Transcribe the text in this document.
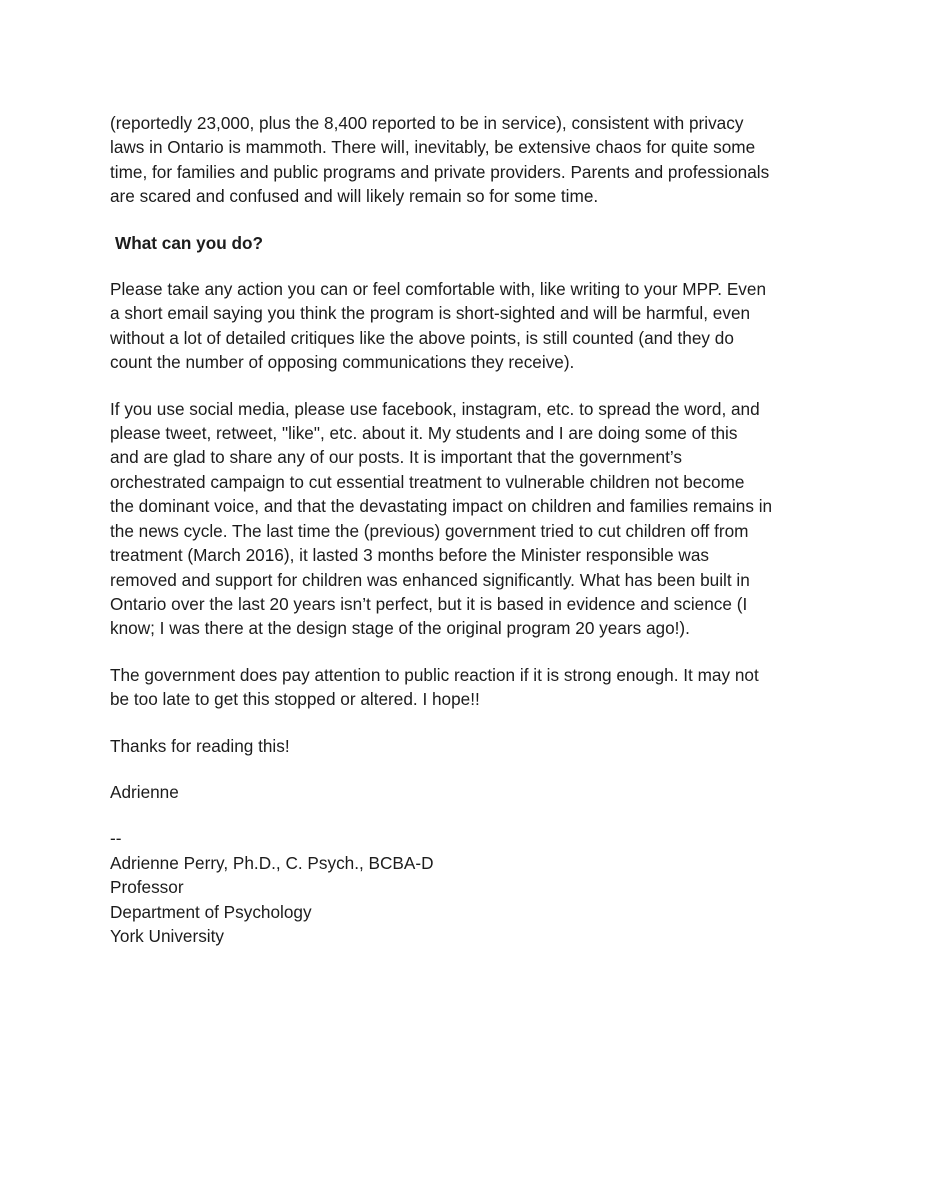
(reportedly 23,000, plus the 8,400 reported to be in service), consistent with privacy
laws in Ontario is mammoth. There will, inevitably, be extensive chaos for quite some
time, for families and public programs and private providers. Parents and professionals
are scared and confused and will likely remain so for some time.

What can you do?

Please take any action you can or feel comfortable with, like writing to your MPP. Even
a short email saying you think the program is short-sighted and will be harmful, even
without a lot of detailed critiques like the above points, is still counted (and they do
count the number of opposing communications they receive).

If you use social media, please use facebook, instagram, etc. to spread the word, and
please tweet, retweet, "like", etc. about it. My students and I are doing some of this
and are glad to share any of our posts. It is important that the government’s
orchestrated campaign to cut essential treatment to vulnerable children not become
the dominant voice, and that the devastating impact on children and families remains in
the news cycle. The last time the (previous) government tried to cut children off from
treatment (March 2016), it lasted 3 months before the Minister responsible was
removed and support for children was enhanced significantly. What has been built in
Ontario over the last 20 years isn’t perfect, but it is based in evidence and science (I
know; I was there at the design stage of the original program 20 years ago!).

The government does pay attention to public reaction if it is strong enough. It may not
be too late to get this stopped or altered. I hope!!

Thanks for reading this!

Adrienne

--
Adrienne Perry, Ph.D., C. Psych., BCBA-D
Professor
Department of Psychology
York University
